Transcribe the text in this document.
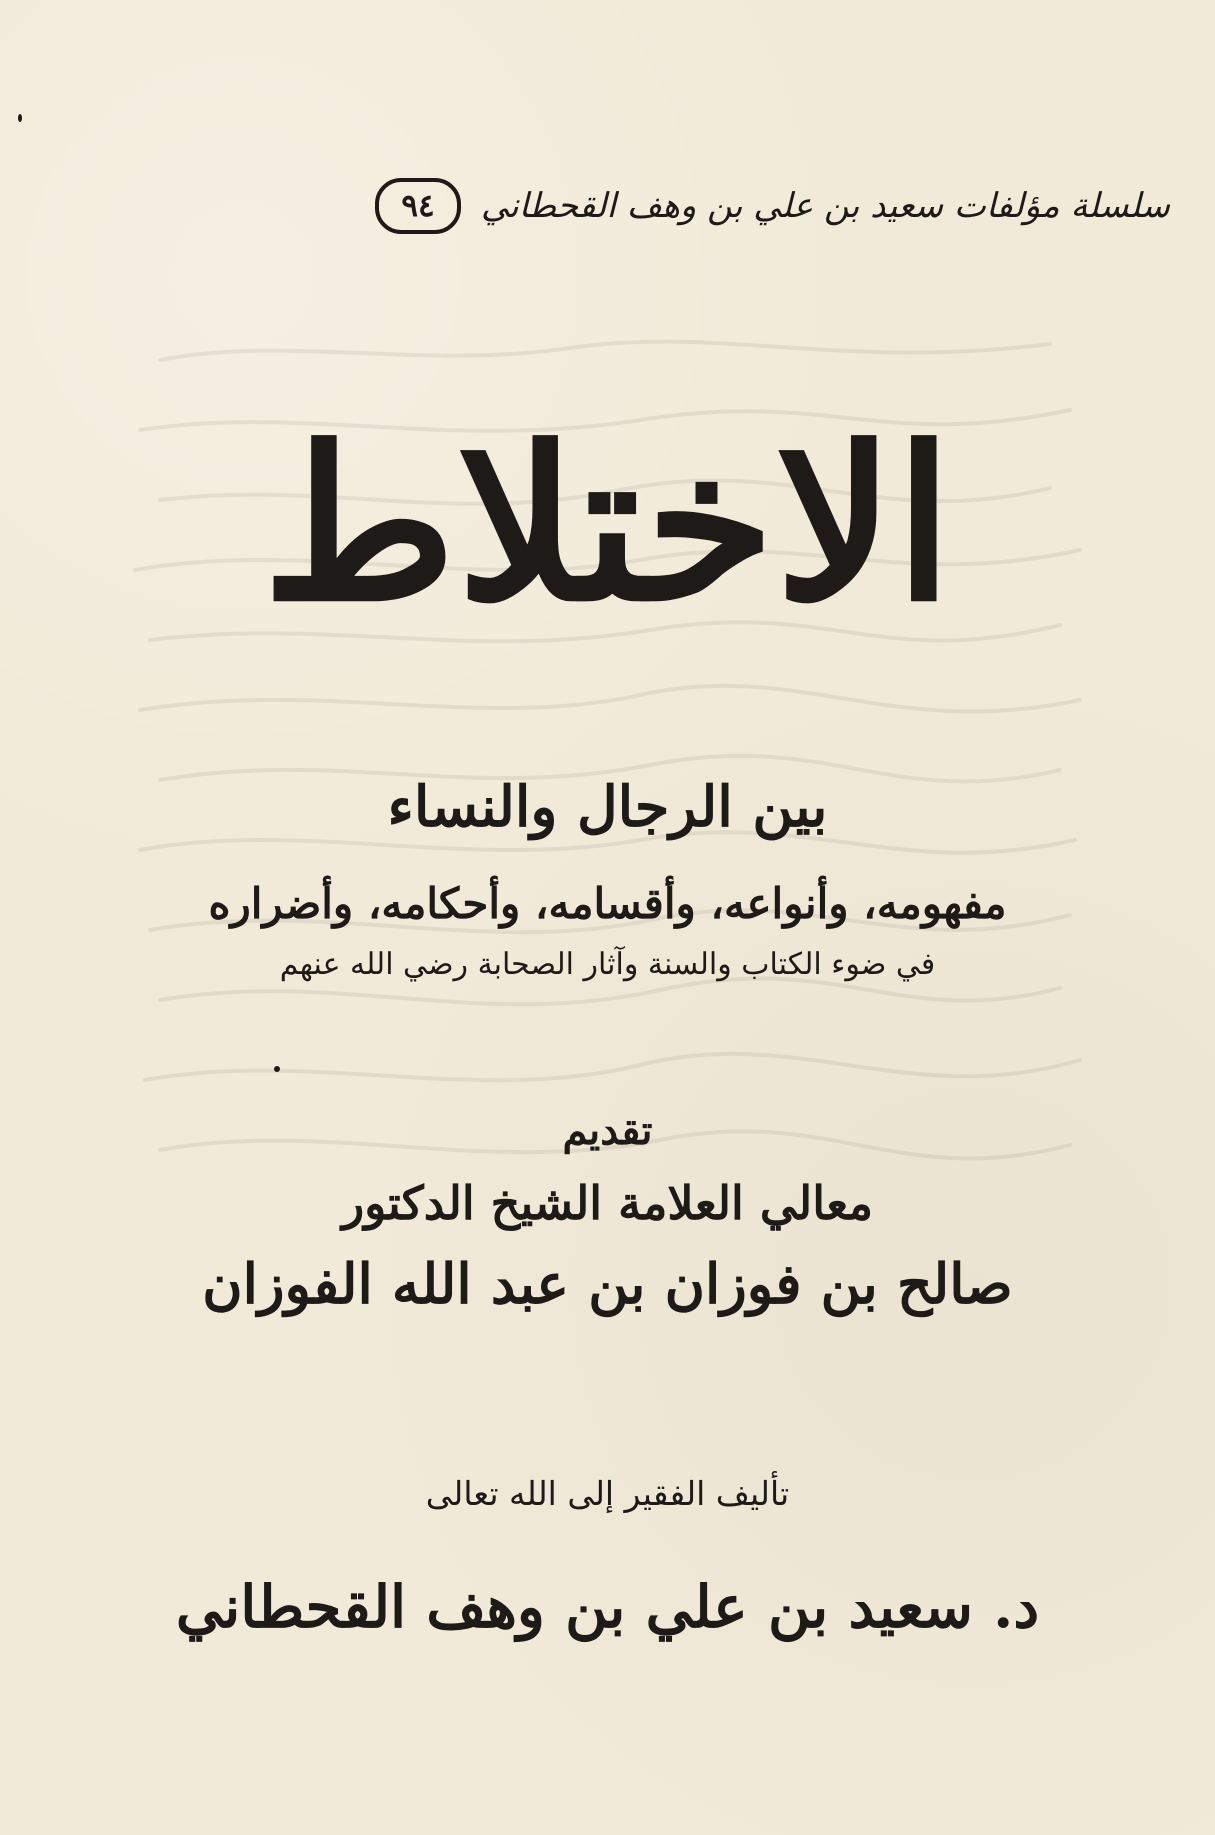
سلسلة مؤلفات سعيد بن علي بن وهف القحطاني
٩٤
الاختلاط
بين الرجال والنساء
مفهومه، وأنواعه، وأقسامه، وأحكامه، وأضراره
في ضوء الكتاب والسنة وآثار الصحابة رضي الله عنهم
تقديم
معالي العلامة الشيخ الدكتور
صالح بن فوزان بن عبد الله الفوزان
تأليف الفقير إلى الله تعالى
د. سعيد بن علي بن وهف القحطاني
